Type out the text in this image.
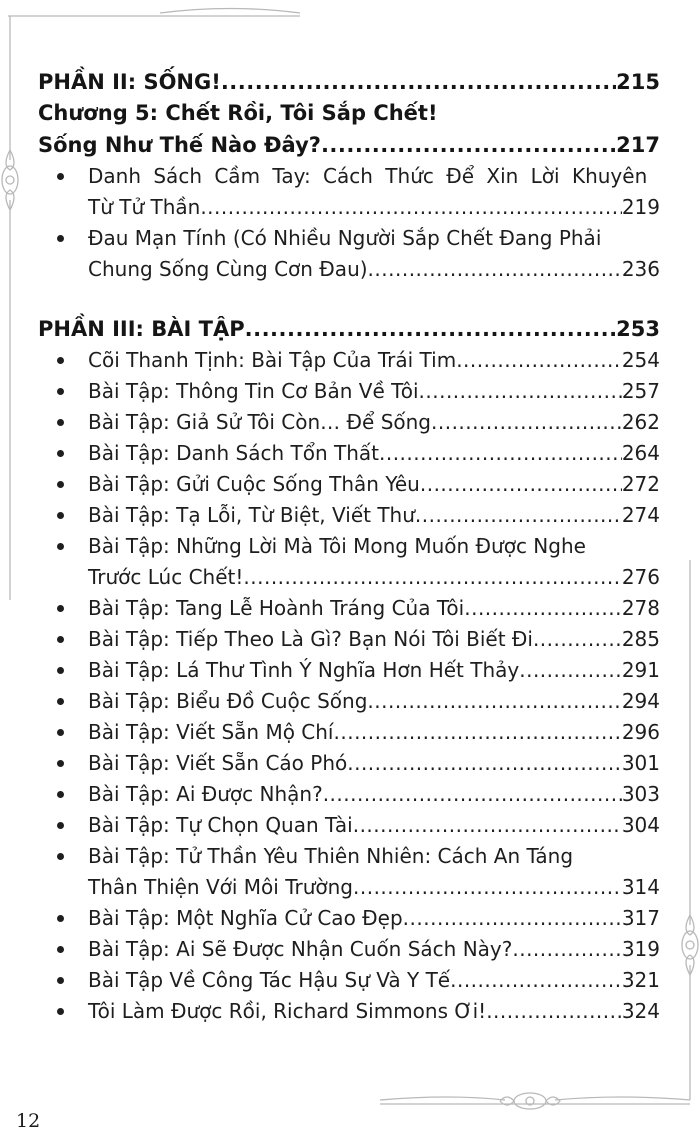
PHẦN II: SỐNG! .....	215
Chương 5: Chết Rồi, Tôi Sắp Chết!
Sống Như Thế Nào Đây? .....	217
Danh Sách Cầm Tay: Cách Thức Để Xin Lời Khuyên
Từ Tử Thần .....	219
Đau Mạn Tính (Có Nhiều Người Sắp Chết Đang Phải
Chung Sống Cùng Cơn Đau) .....	236
PHẦN III: BÀI TẬP .....	253
Cõi Thanh Tịnh: Bài Tập Của Trái Tim .....	254
Bài Tập: Thông Tin Cơ Bản Về Tôi .....	257
Bài Tập: Giả Sử Tôi Còn… Để Sống .....	262
Bài Tập: Danh Sách Tổn Thất .....	264
Bài Tập: Gửi Cuộc Sống Thân Yêu .....	272
Bài Tập: Tạ Lỗi, Từ Biệt, Viết Thư .....	274
Bài Tập: Những Lời Mà Tôi Mong Muốn Được Nghe
Trước Lúc Chết! .....	276
Bài Tập: Tang Lễ Hoành Tráng Của Tôi .....	278
Bài Tập: Tiếp Theo Là Gì? Bạn Nói Tôi Biết Đi .....	285
Bài Tập: Lá Thư Tình Ý Nghĩa Hơn Hết Thảy .....	291
Bài Tập: Biểu Đồ Cuộc Sống .....	294
Bài Tập: Viết Sẵn Mộ Chí .....	296
Bài Tập: Viết Sẵn Cáo Phó .....	301
Bài Tập: Ai Được Nhận? .....	303
Bài Tập: Tự Chọn Quan Tài .....	304
Bài Tập: Tử Thần Yêu Thiên Nhiên: Cách An Táng
Thân Thiện Với Môi Trường .....	314
Bài Tập: Một Nghĩa Cử Cao Đẹp .....	317
Bài Tập: Ai Sẽ Được Nhận Cuốn Sách Này? .....	319
Bài Tập Về Công Tác Hậu Sự Và Y Tế .....	321
Tôi Làm Được Rồi, Richard Simmons Ơi! .....	324
12
